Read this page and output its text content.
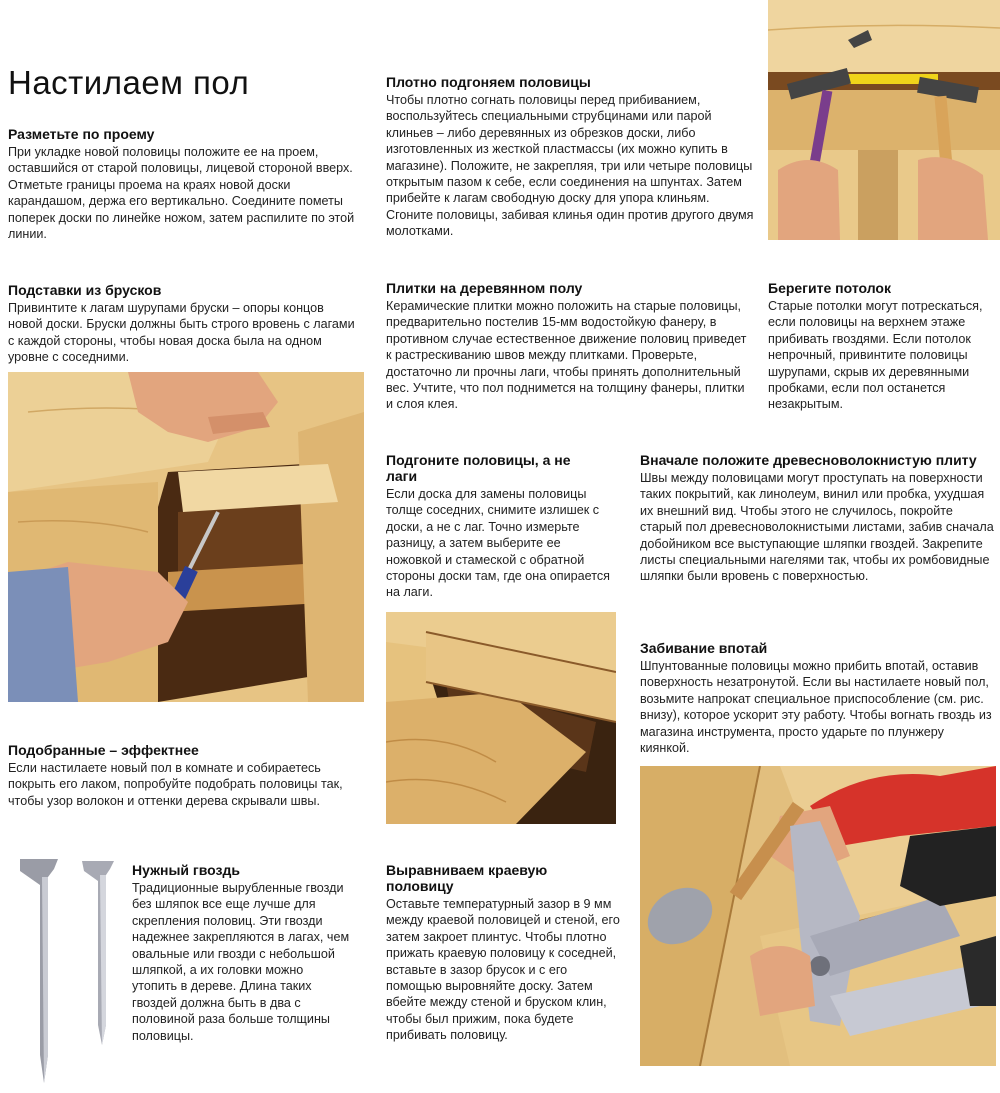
Настилаем пол
Разметьте по проему

При укладке новой половицы положите ее на проем, оставшийся от старой половицы, лицевой стороной вверх. Отметьте границы проема на краях новой доски карандашом, держа его вертикально. Соедините пометы поперек доски по линейке ножом, затем распилите по этой линии.

Подставки из брусков

Привинтите к лагам шурупами бруски – опоры концов новой доски. Бруски должны быть строго вровень с лагами с каждой стороны, чтобы новая доска была на одном уровне с соседними.

Подобранные – эффектнее

Если настилаете новый пол в комнате и собираетесь покрыть его лаком, попробуйте подобрать половицы так, чтобы узор волокон и оттенки дерева скрывали швы.

Нужный гвоздь

Традиционные вырубленные гвозди без шляпок все еще лучше для скрепления половиц. Эти гвозди надежнее закрепляются в лагах, чем овальные или гвозди с небольшой шляпкой, а их головки можно утопить в дереве. Длина таких гвоздей должна быть в два с половиной раза больше толщины половицы.

Плотно подгоняем половицы

Чтобы плотно согнать половицы перед прибиванием, воспользуйтесь специальными струбцинами или парой клиньев – либо деревянных из обрезков доски, либо изготовленных из жесткой пластмассы (их можно купить в магазине). Положите, не закрепляя, три или четыре половицы открытым пазом к себе, если соединения на шпунтах. Затем прибейте к лагам свободную доску для упора клиньям. Сгоните половицы, забивая клинья один против другого двумя молотками.

Плитки на деревянном полу

Керамические плитки можно положить на старые половицы, предварительно постелив 15-мм водостойкую фанеру, в противном случае естественное движение половиц приведет к растрескиванию швов между плитками. Проверьте, достаточно ли прочны лаги, чтобы принять дополнительный вес. Учтите, что пол поднимется на толщину фанеры, плитки и слоя клея.

Подгоните половицы, а не лаги

Если доска для замены половицы толще соседних, снимите излишек с доски, а не с лаг. Точно измерьте разницу, а затем выберите ее ножовкой и стамеской с обратной стороны доски там, где она опирается на лаги.

Выравниваем краевую половицу

Оставьте температурный зазор в 9 мм между краевой половицей и стеной, его затем закроет плинтус. Чтобы плотно прижать краевую половицу к соседней, вставьте в зазор брусок и с его помощью выровняйте доску. Затем вбейте между стеной и бруском клин, чтобы был прижим, пока будете прибивать половицу.

Берегите потолок

Старые потолки могут потрескаться, если половицы на верхнем этаже прибивать гвоздями. Если потолок непрочный, привинтите половицы шурупами, скрыв их деревянными пробками, если пол останется незакрытым.

Вначале положите древесноволокнистую плиту

Швы между половицами могут проступать на поверхности таких покрытий, как линолеум, винил или пробка, ухудшая их внешний вид. Чтобы этого не случилось, покройте старый пол древесноволокнистыми листами, забив сначала добойником все выступающие шляпки гвоздей. Закрепите листы специальными нагелями так, чтобы их ромбовидные шляпки были вровень с поверхностью.

Забивание впотай

Шпунтованные половицы можно прибить впотай, оставив поверхность незатронутой. Если вы настилаете новый пол, возьмите напрокат специальное приспособление (см. рис. внизу), которое ускорит эту работу. Чтобы вогнать гвоздь из магазина инструмента, просто ударьте по плунжеру киянкой.
